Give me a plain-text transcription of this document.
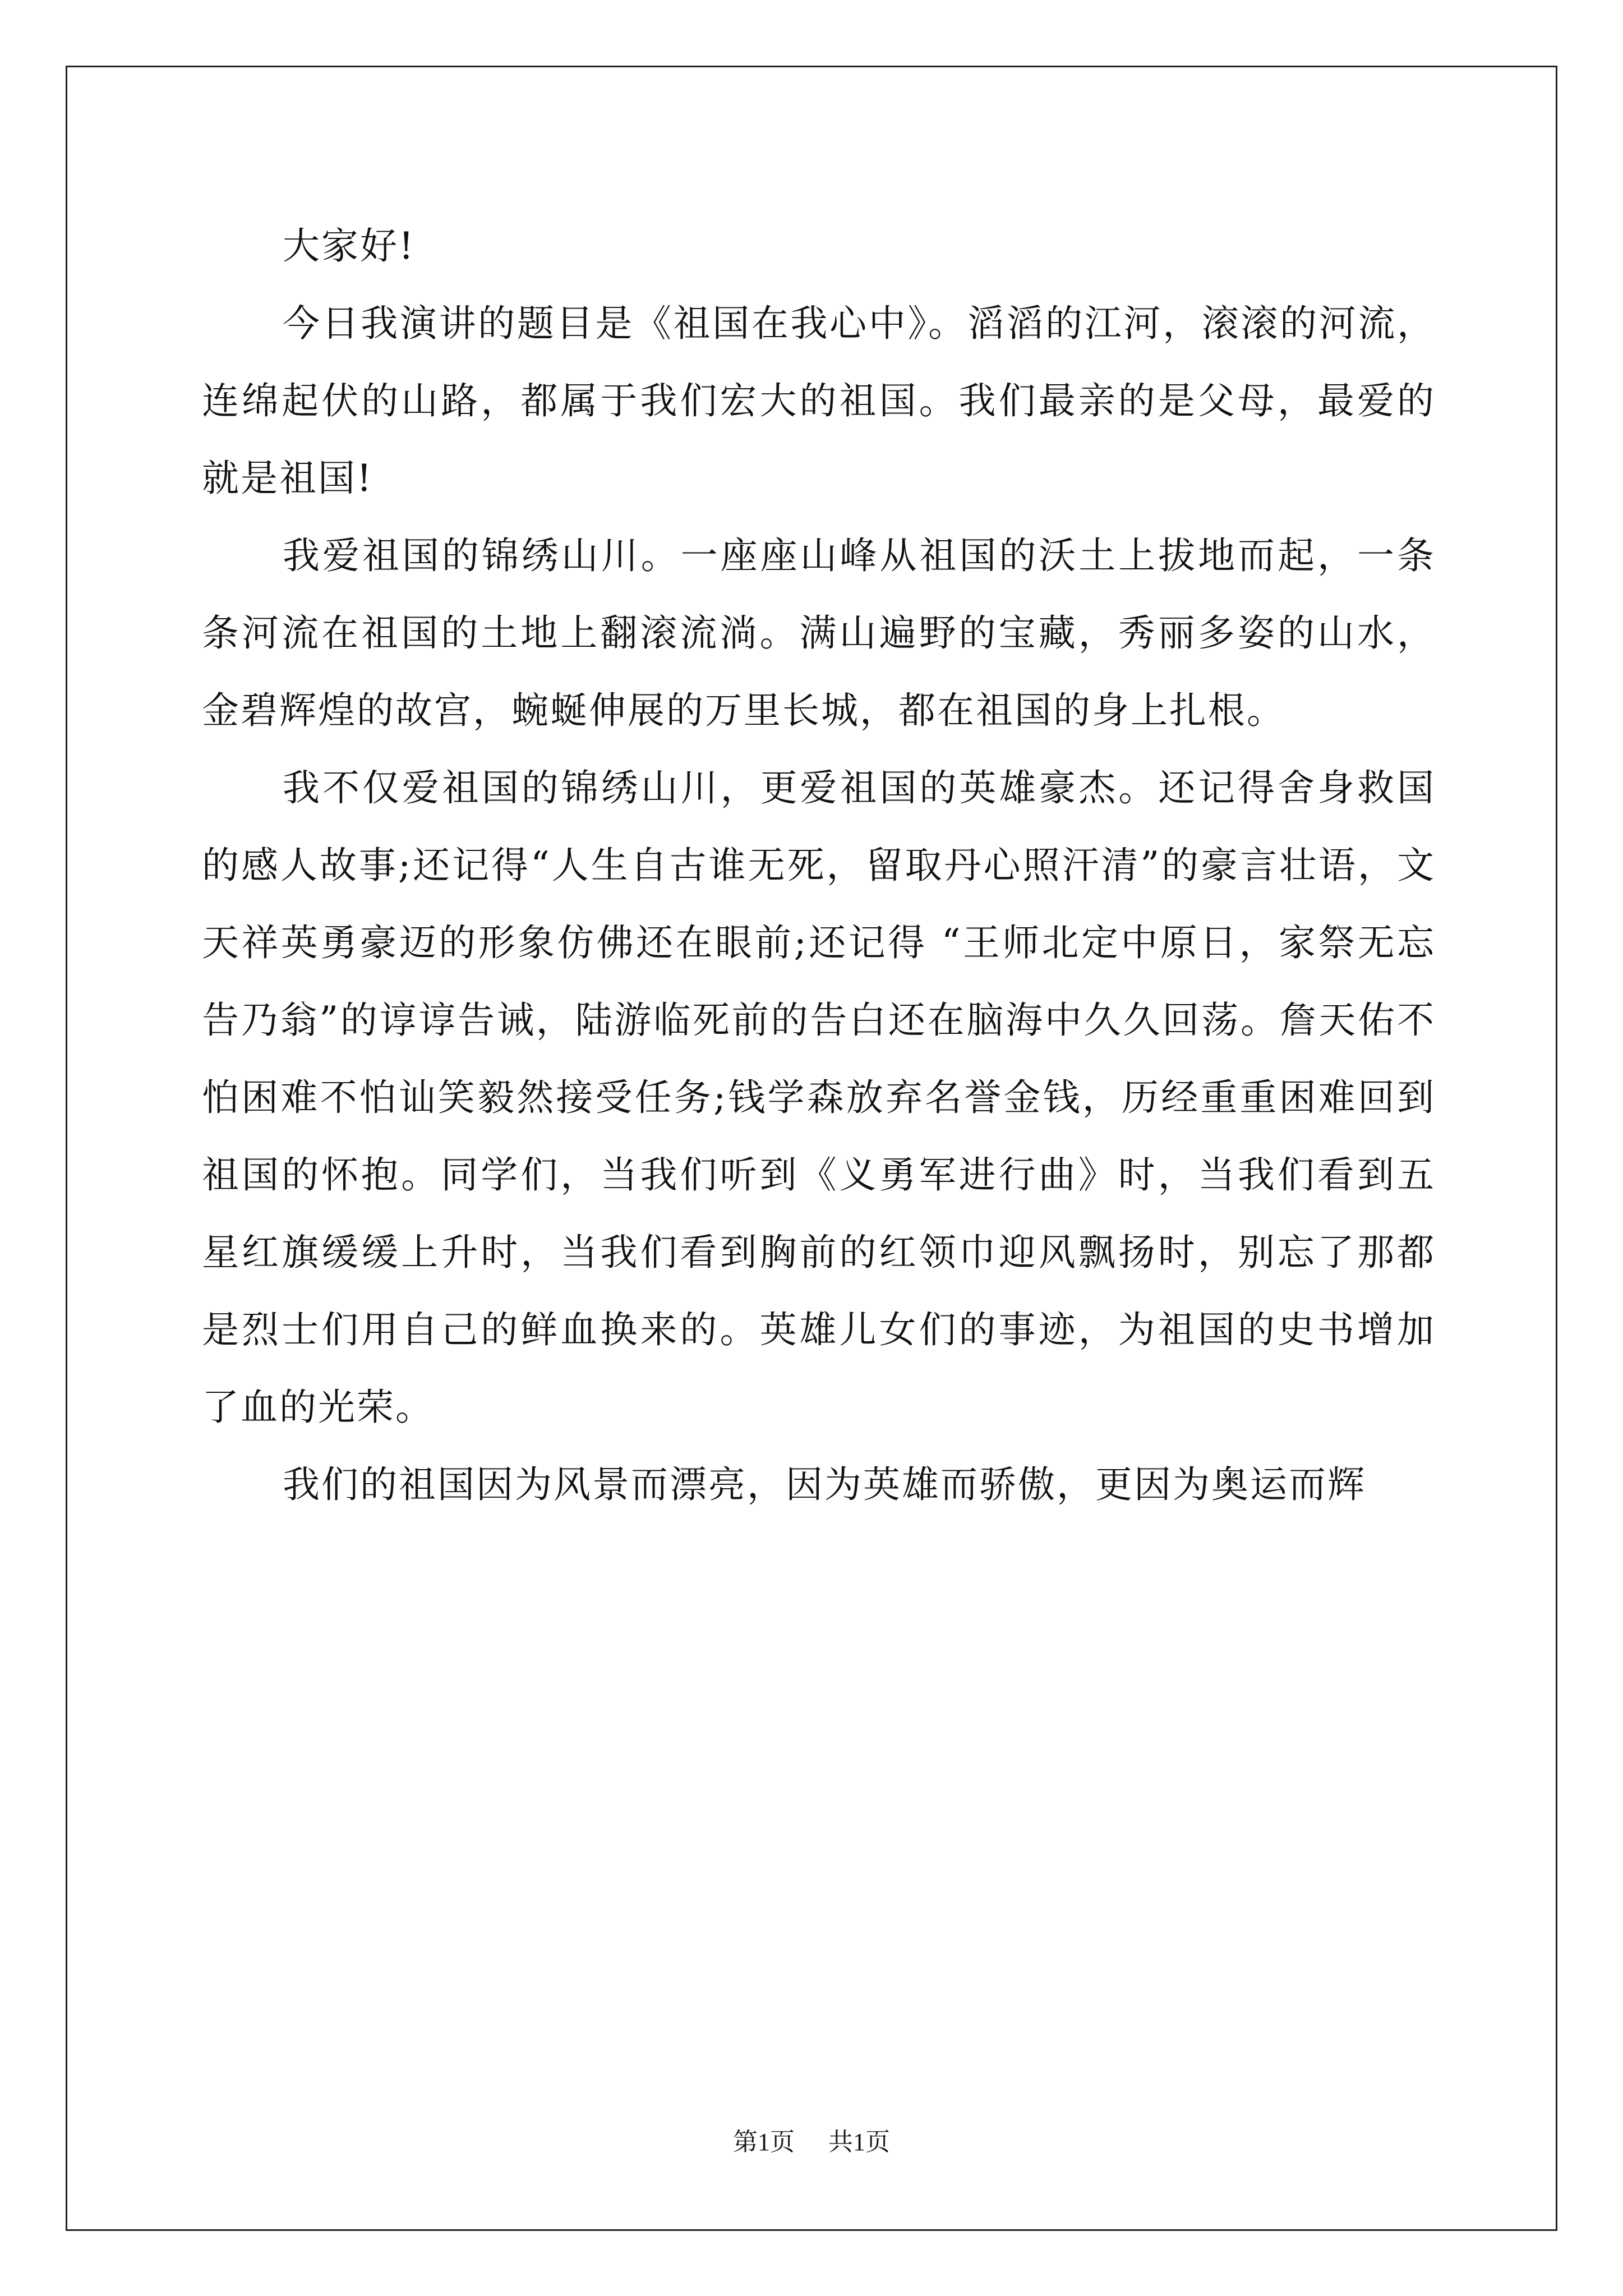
大家好!

今日我演讲的题目是《祖国在我心中》。滔滔的江河，滚滚的河流，连绵起伏的山路，都属于我们宏大的祖国。我们最亲的是父母，最爱的就是祖国!

我爱祖国的锦绣山川。一座座山峰从祖国的沃土上拔地而起，一条条河流在祖国的土地上翻滚流淌。满山遍野的宝藏，秀丽多姿的山水，金碧辉煌的故宫，蜿蜒伸展的万里长城，都在祖国的身上扎根。

我不仅爱祖国的锦绣山川，更爱祖国的英雄豪杰。还记得舍身救国的感人故事;还记得“人生自古谁无死，留取丹心照汗清”的豪言壮语，文天祥英勇豪迈的形象仿佛还在眼前;还记得 “王师北定中原日，家祭无忘告乃翁”的谆谆告诫，陆游临死前的告白还在脑海中久久回荡。詹天佑不怕困难不怕讪笑毅然接受任务;钱学森放弃名誉金钱，历经重重困难回到祖国的怀抱。同学们，当我们听到《义勇军进行曲》时，当我们看到五星红旗缓缓上升时，当我们看到胸前的红领巾迎风飘扬时，别忘了那都是烈士们用自己的鲜血换来的。英雄儿女们的事迹，为祖国的史书增加了血的光荣。

我们的祖国因为风景而漂亮，因为英雄而骄傲，更因为奥运而辉

第1页 共1页
